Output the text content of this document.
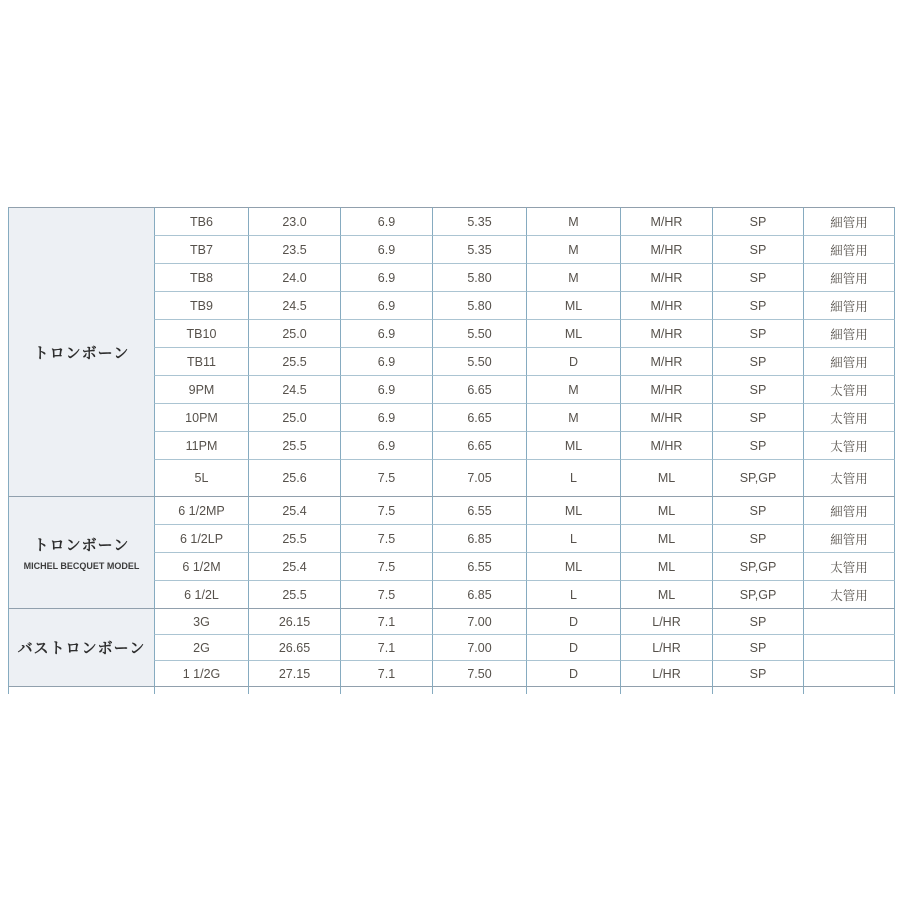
トロンボーン	TB6	23.0	6.9	5.35	M	M/HR	SP	細管用
	TB7	23.5	6.9	5.35	M	M/HR	SP	細管用
	TB8	24.0	6.9	5.80	M	M/HR	SP	細管用
	TB9	24.5	6.9	5.80	ML	M/HR	SP	細管用
	TB10	25.0	6.9	5.50	ML	M/HR	SP	細管用
	TB11	25.5	6.9	5.50	D	M/HR	SP	細管用
	9PM	24.5	6.9	6.65	M	M/HR	SP	太管用
	10PM	25.0	6.9	6.65	M	M/HR	SP	太管用
	11PM	25.5	6.9	6.65	ML	M/HR	SP	太管用
	5L	25.6	7.5	7.05	L	ML	SP,GP	太管用

トロンボーン
MICHEL BECQUET MODEL	6 1/2MP	25.4	7.5	6.55	ML	ML	SP	細管用
	6 1/2LP	25.5	7.5	6.85	L	ML	SP	細管用
	6 1/2M	25.4	7.5	6.55	ML	ML	SP,GP	太管用
	6 1/2L	25.5	7.5	6.85	L	ML	SP,GP	太管用

バストロンボーン	3G	26.15	7.1	7.00	D	L/HR	SP	
	2G	26.65	7.1	7.00	D	L/HR	SP	
	1 1/2G	27.15	7.1	7.50	D	L/HR	SP	
